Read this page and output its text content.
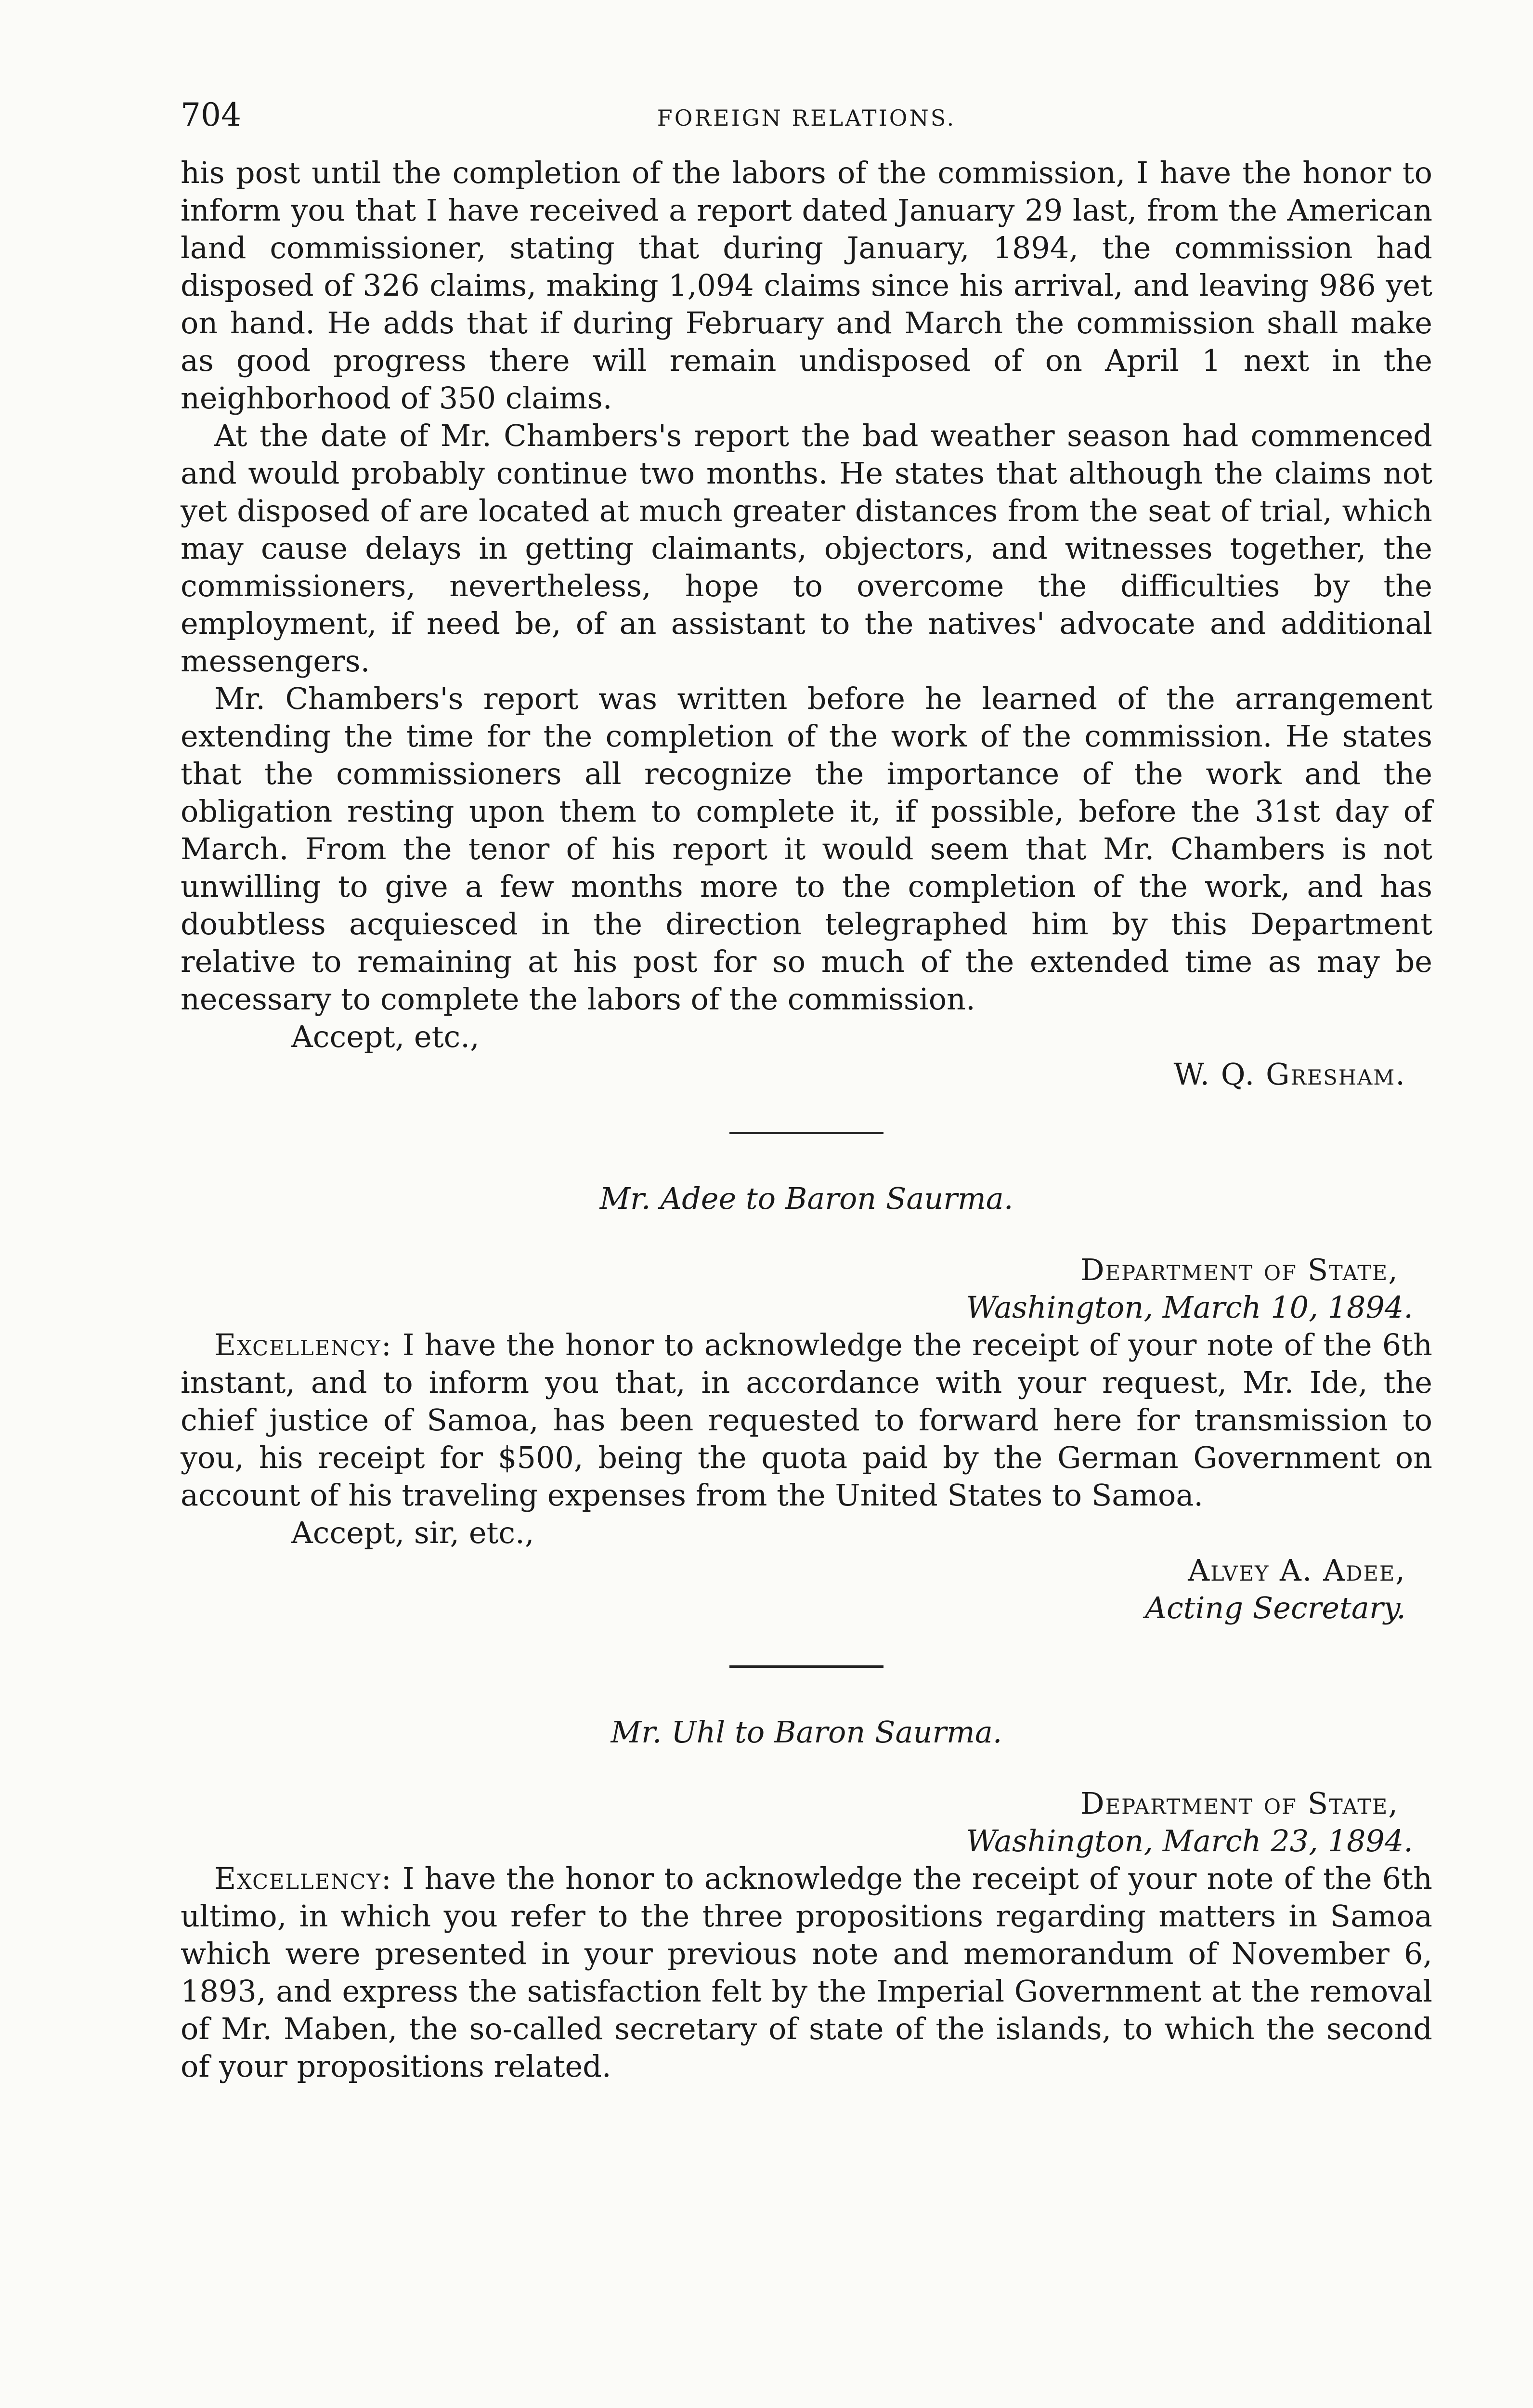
704	FOREIGN RELATIONS.

his post until the completion of the labors of the commission, I have the honor to inform you that I have received a report dated January 29 last, from the American land commissioner, stating that during January, 1894, the commission had disposed of 326 claims, making 1,094 claims since his arrival, and leaving 986 yet on hand. He adds that if during February and March the commission shall make as good progress there will remain undisposed of on April 1 next in the neighborhood of 350 claims.

At the date of Mr. Chambers's report the bad weather season had commenced and would probably continue two months. He states that although the claims not yet disposed of are located at much greater distances from the seat of trial, which may cause delays in getting claimants, objectors, and witnesses together, the commissioners, nevertheless, hope to overcome the difficulties by the employment, if need be, of an assistant to the natives' advocate and additional messengers.

Mr. Chambers's report was written before he learned of the arrangement extending the time for the completion of the work of the commission. He states that the commissioners all recognize the importance of the work and the obligation resting upon them to complete it, if possible, before the 31st day of March. From the tenor of his report it would seem that Mr. Chambers is not unwilling to give a few months more to the completion of the work, and has doubtless acquiesced in the direction telegraphed him by this Department relative to remaining at his post for so much of the extended time as may be necessary to complete the labors of the commission.

Accept, etc.,
W. Q. Gresham.
Mr. Adee to Baron Saurma.
Department of State,
Washington, March 10, 1894.

Excellency: I have the honor to acknowledge the receipt of your note of the 6th instant, and to inform you that, in accordance with your request, Mr. Ide, the chief justice of Samoa, has been requested to forward here for transmission to you, his receipt for $500, being the quota paid by the German Government on account of his traveling expenses from the United States to Samoa.

Accept, sir, etc.,
Alvey A. Adee,
Acting Secretary.
Mr. Uhl to Baron Saurma.
Department of State,
Washington, March 23, 1894.

Excellency: I have the honor to acknowledge the receipt of your note of the 6th ultimo, in which you refer to the three propositions regarding matters in Samoa which were presented in your previous note and memorandum of November 6, 1893, and express the satisfaction felt by the Imperial Government at the removal of Mr. Maben, the so-called secretary of state of the islands, to which the second of your propositions related.
